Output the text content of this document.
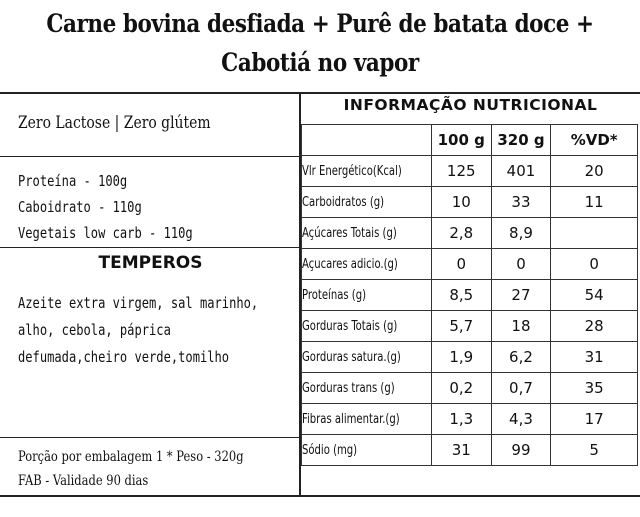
Carne bovina desfiada + Purê de batata doce + Cabotiá no vapor
Zero Lactose | Zero glútem
Proteína - 100g
Caboidrato - 110g
Vegetais low carb - 110g
TEMPEROS
Azeite extra virgem, sal marinho,
alho, cebola, páprica
defumada,cheiro verde,tomilho
Porção por embalagem 1 * Peso - 320g
FAB - Validade 90 dias
INFORMAÇÃO NUTRICIONAL
	100 g	320 g	%VD*
Vlr Energético(Kcal)	125	401	20
Carboidratos (g)	10	33	11
Açúcares Totais (g)	2,8	8,9	
Açucares adicio.(g)	0	0	0
Proteínas (g)	8,5	27	54
Gorduras Totais (g)	5,7	18	28
Gorduras satura.(g)	1,9	6,2	31
Gorduras trans (g)	0,2	0,7	35
Fibras alimentar.(g)	1,3	4,3	17
Sódio (mg)	31	99	5
